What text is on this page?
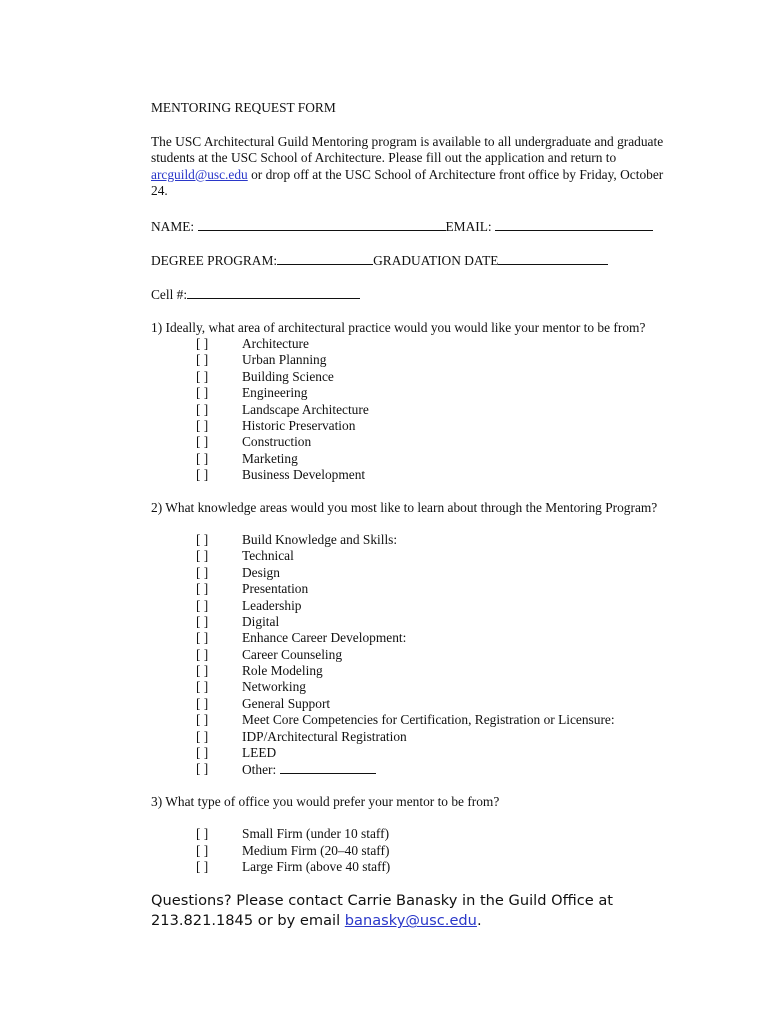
MENTORING REQUEST FORM
The USC Architectural Guild Mentoring program is available to all undergraduate and graduate students at the USC School of Architecture. Please fill out the application and return to arcguild@usc.edu or drop off at the USC School of Architecture front office by Friday, October 24.
NAME:	EMAIL:
DEGREE PROGRAM:	GRADUATION DATE
Cell #:
1) Ideally, what area of architectural practice would you would like your mentor to be from?
[ ]	Architecture
[ ]	Urban Planning
[ ]	Building Science
[ ]	Engineering
[ ]	Landscape Architecture
[ ]	Historic Preservation
[ ]	Construction
[ ]	Marketing
[ ]	Business Development
2) What knowledge areas would you most like to learn about through the Mentoring Program?
[ ]	Build Knowledge and Skills:
[ ]	Technical
[ ]	Design
[ ]	Presentation
[ ]	Leadership
[ ]	Digital
[ ]	Enhance Career Development:
[ ]	Career Counseling
[ ]	Role Modeling
[ ]	Networking
[ ]	General Support
[ ]	Meet Core Competencies for Certification, Registration or Licensure:
[ ]	IDP/Architectural Registration
[ ]	LEED
[ ]	Other:
3) What type of office you would prefer your mentor to be from?
[ ]	Small Firm (under 10 staff)
[ ]	Medium Firm (20–40 staff)
[ ]	Large Firm (above 40 staff)
Questions? Please contact Carrie Banasky in the Guild Office at 213.821.1845 or by email banasky@usc.edu.
